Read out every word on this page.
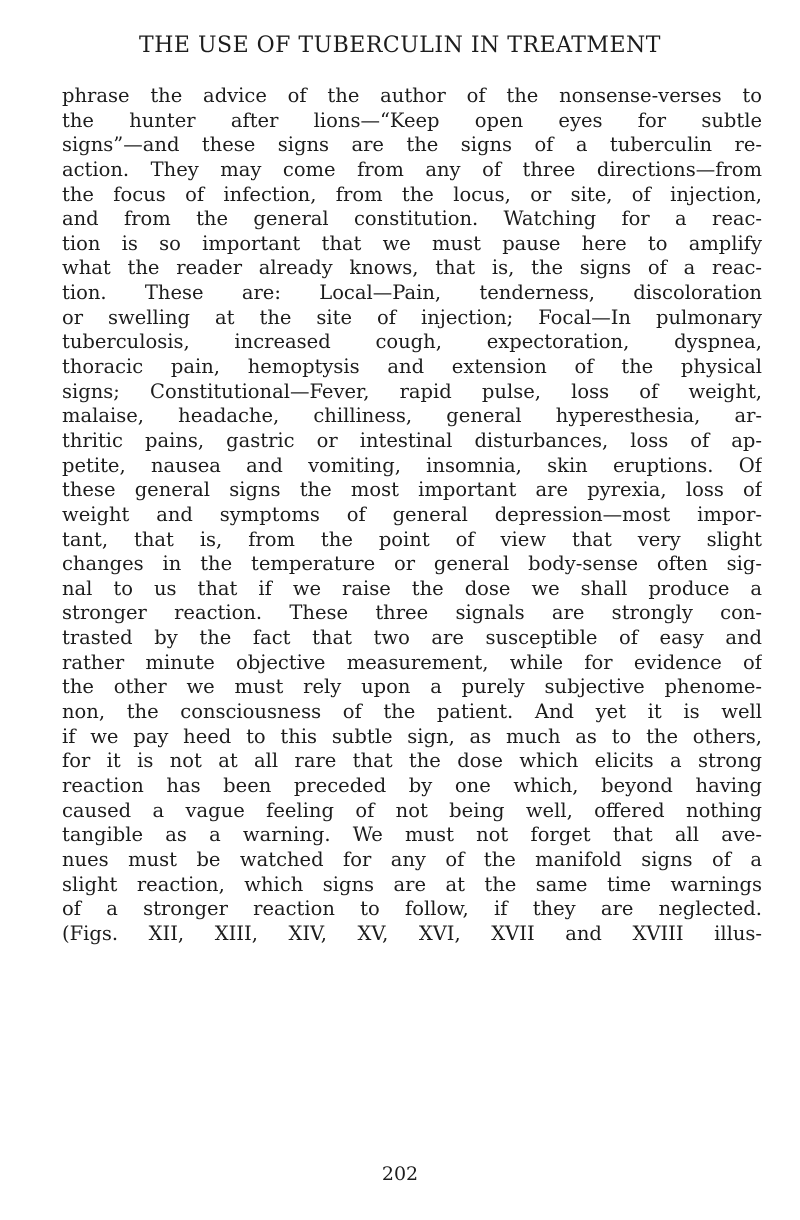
THE USE OF TUBERCULIN IN TREATMENT
phrase the advice of the author of the nonsense-verses to
the hunter after lions—“Keep open eyes for subtle
signs”—and these signs are the signs of a tuberculin re-
action. They may come from any of three directions—from
the focus of infection, from the locus, or site, of injection,
and from the general constitution. Watching for a reac-
tion is so important that we must pause here to amplify
what the reader already knows, that is, the signs of a reac-
tion. These are: Local—Pain, tenderness, discoloration
or swelling at the site of injection; Focal—In pulmonary
tuberculosis, increased cough, expectoration, dyspnea,
thoracic pain, hemoptysis and extension of the physical
signs; Constitutional—Fever, rapid pulse, loss of weight,
malaise, headache, chilliness, general hyperesthesia, ar-
thritic pains, gastric or intestinal disturbances, loss of ap-
petite, nausea and vomiting, insomnia, skin eruptions. Of
these general signs the most important are pyrexia, loss of
weight and symptoms of general depression—most impor-
tant, that is, from the point of view that very slight
changes in the temperature or general body-sense often sig-
nal to us that if we raise the dose we shall produce a
stronger reaction. These three signals are strongly con-
trasted by the fact that two are susceptible of easy and
rather minute objective measurement, while for evidence of
the other we must rely upon a purely subjective phenome-
non, the consciousness of the patient. And yet it is well
if we pay heed to this subtle sign, as much as to the others,
for it is not at all rare that the dose which elicits a strong
reaction has been preceded by one which, beyond having
caused a vague feeling of not being well, offered nothing
tangible as a warning. We must not forget that all ave-
nues must be watched for any of the manifold signs of a
slight reaction, which signs are at the same time warnings
of a stronger reaction to follow, if they are neglected.
(Figs. XII, XIII, XIV, XV, XVI, XVII and XVIII illus-
202
